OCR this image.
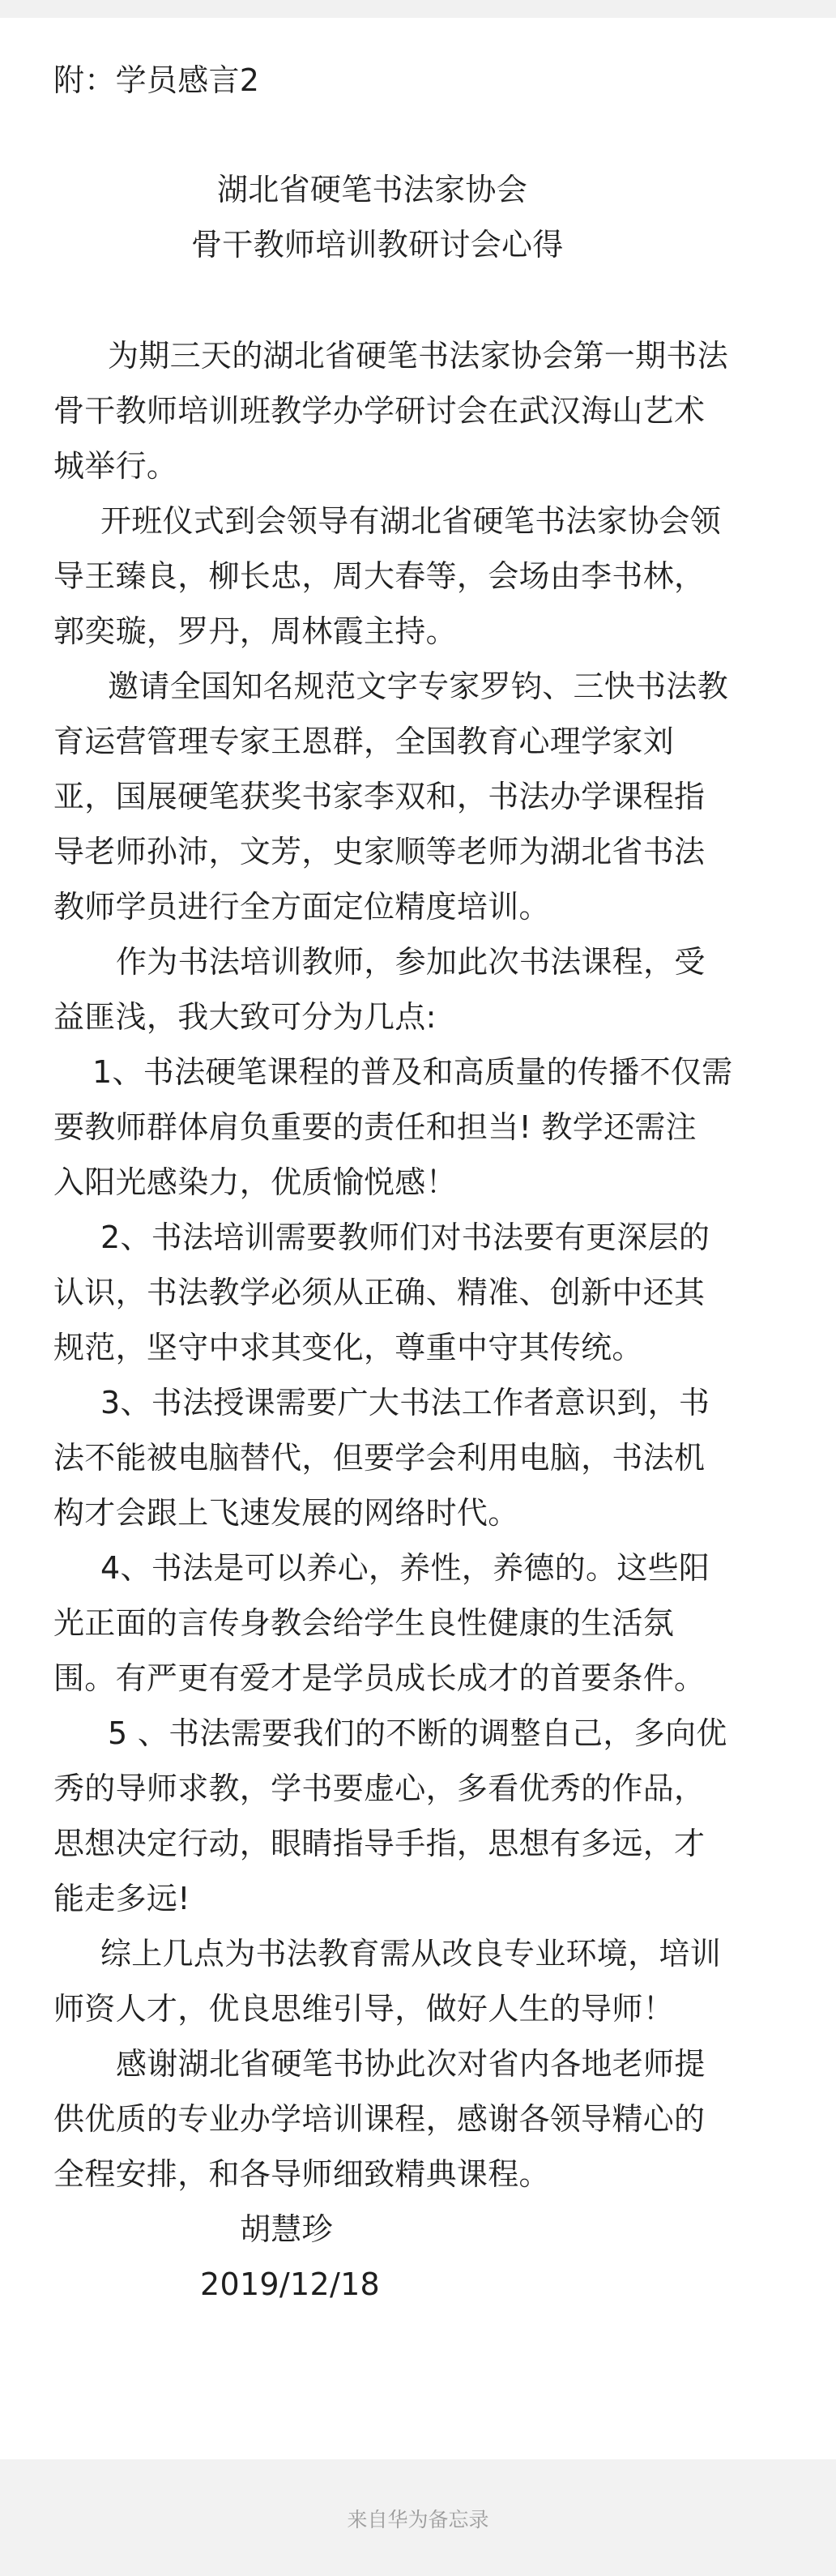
附：学员感言2
湖北省硬笔书法家协会
骨干教师培训教研讨会心得
为期三天的湖北省硬笔书法家协会第一期书法
骨干教师培训班教学办学研讨会在武汉海山艺术
城举行。
开班仪式到会领导有湖北省硬笔书法家协会领
导王臻良，柳长忠，周大春等，会场由李书林，
郭奕璇，罗丹，周林霞主持。
邀请全国知名规范文字专家罗钧、三快书法教
育运营管理专家王恩群，全国教育心理学家刘
亚，国展硬笔获奖书家李双和，书法办学课程指
导老师孙沛，文芳，史家顺等老师为湖北省书法
教师学员进行全方面定位精度培训。
作为书法培训教师，参加此次书法课程，受
益匪浅，我大致可分为几点:
1、书法硬笔课程的普及和高质量的传播不仅需
要教师群体肩负重要的责任和担当! 教学还需注
入阳光感染力，优质愉悦感！
2、书法培训需要教师们对书法要有更深层的
认识，书法教学必须从正确、精准、创新中还其
规范，坚守中求其变化，尊重中守其传统。
3、书法授课需要广大书法工作者意识到，书
法不能被电脑替代，但要学会利用电脑，书法机
构才会跟上飞速发展的网络时代。
4、书法是可以养心，养性，养德的。这些阳
光正面的言传身教会给学生良性健康的生活氛
围。有严更有爱才是学员成长成才的首要条件。
5 、书法需要我们的不断的调整自己，多向优
秀的导师求教，学书要虚心，多看优秀的作品，
思想决定行动，眼睛指导手指，思想有多远，才
能走多远!
综上几点为书法教育需从改良专业环境，培训
师资人才，优良思维引导，做好人生的导师！
感谢湖北省硬笔书协此次对省内各地老师提
供优质的专业办学培训课程，感谢各领导精心的
全程安排，和各导师细致精典课程。
胡慧珍
2019/12/18
来自华为备忘录
